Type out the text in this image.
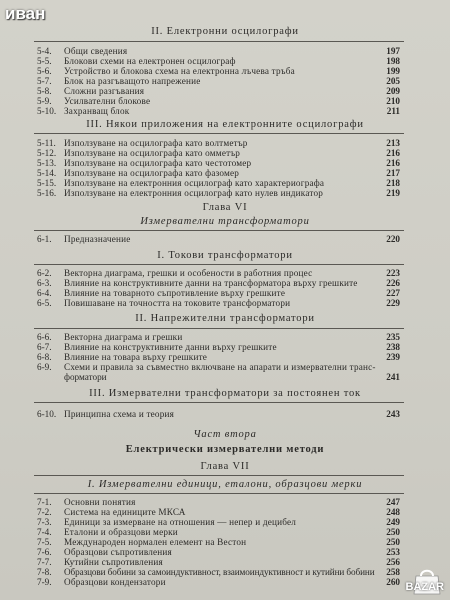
иван
II. Електронни осцилографи
5-4. Общи сведения	197
5-5. Блокови схеми на електронен осцилограф	198
5-6. Устройство и блокова схема на електронна лъчева тръба	199
5-7. Блок на разгъващото напрежение	205
5-8. Сложни разгъвания	209
5-9. Усилвателни блокове	210
5-10. Захранващ блок	211
III. Някои приложения на електронните осцилографи
5-11. Използуване на осцилографа като волтметър	213
5-12. Използуване на осцилографа като омметър	216
5-13. Използуване на осцилографа като честотомер	216
5-14. Използуване на осцилографа като фазомер	217
5-15. Използуване на електронния осцилограф като характериографа	218
5-16. Използуване на електронния осцилограф като нулев индикатор	219
Глава VI
Измервателни трансформатори
6-1. Предназначение	220
I. Токови трансформатори
6-2. Векторна диаграма, грешки и особености в работния процес	223
6-3. Влияние на конструктивните данни на трансформатора върху грешките	226
6-4. Влияние на товарното съпротивление върху грешките	227
6-5. Повишаване на точността на токовите трансформатори	229
II. Напрежителни трансформатори
6-6. Векторна диаграма и грешки	235
6-7. Влияние на конструктивните данни върху грешките	238
6-8. Влияние на товара върху грешките	239
6-9. Схеми и правила за съвместно включване на апарати и измервателни транс-
форматори	241
III. Измервателни трансформатори за постоянен ток
6-10. Принципна схема и теория	243
Част втора
Електрически измервателни методи
Глава VII
I. Измервателни единици, еталони, образцови мерки
7-1. Основни понятия	247
7-2. Система на единиците МКСА	248
7-3. Единици за измерване на отношения — непер и децибел	249
7-4. Еталони и образцови мерки	250
7-5. Международен нормален елемент на Вестон	250
7-6. Образцови съпротивления	253
7-7. Кутийни съпротивления	256
7-8. Образцови бобини за самоиндуктивност, взаимоиндуктивност и кутийни бобини 258
7-9. Образцови кондензатори	260 BAZAR
